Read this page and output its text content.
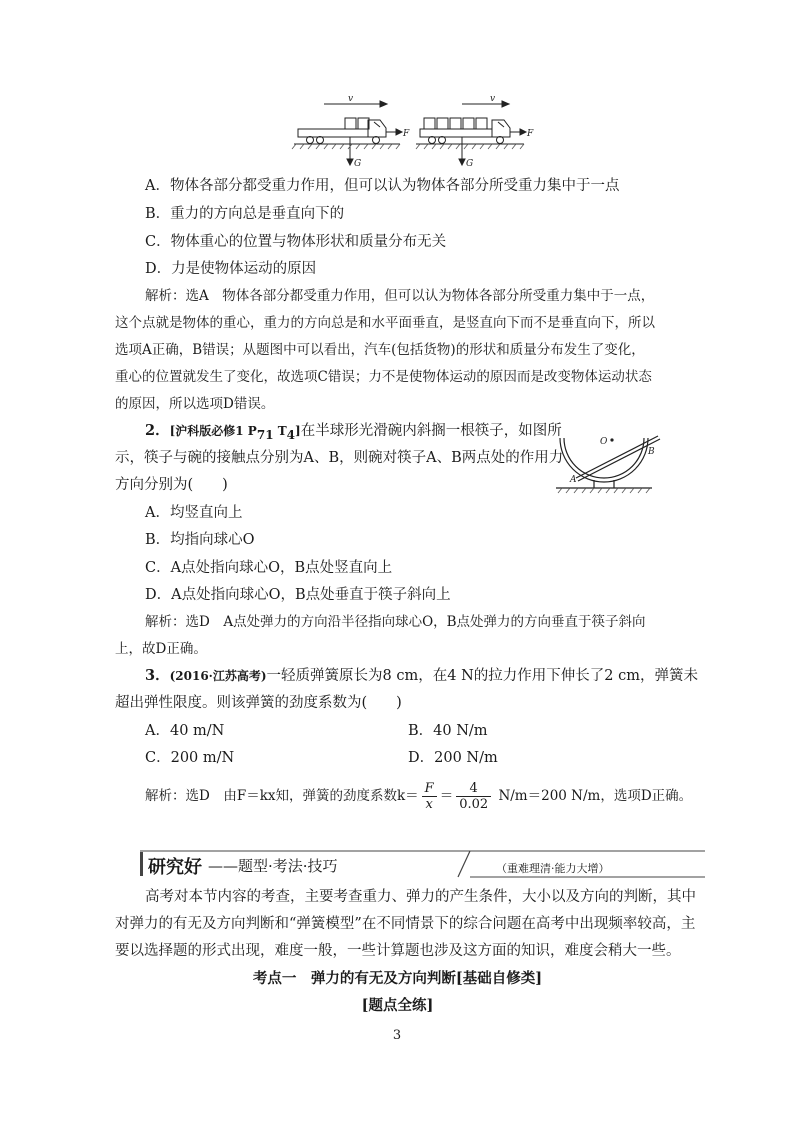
v
F
G
v
F
G
A．物体各部分都受重力作用，但可以认为物体各部分所受重力集中于一点
B．重力的方向总是垂直向下的
C．物体重心的位置与物体形状和质量分布无关
D．力是使物体运动的原因
解析：选A　物体各部分都受重力作用，但可以认为物体各部分所受重力集中于一点，
这个点就是物体的重心，重力的方向总是和水平面垂直，是竖直向下而不是垂直向下，所以
选项A正确，B错误；从题图中可以看出，汽车(包括货物)的形状和质量分布发生了变化，
重心的位置就发生了变化，故选项C错误；力不是使物体运动的原因而是改变物体运动状态
的原因，所以选项D错误。
2．[沪科版必修1 $P_{71}$ $T_4$]在半球形光滑碗内斜搁一根筷子，如图所
示，筷子与碗的接触点分别为A、B，则碗对筷子A、B两点处的作用力
方向分别为(　　)
O
A
B
A．均竖直向上
B．均指向球心O
C．A点处指向球心O，B点处竖直向上
D．A点处指向球心O，B点处垂直于筷子斜向上
解析：选D　A点处弹力的方向沿半径指向球心O，B点处弹力的方向垂直于筷子斜向
上，故D正确。
3．(2016·江苏高考)一轻质弹簧原长为8 cm，在4 N的拉力作用下伸长了2 cm，弹簧未
超出弹性限度。则该弹簧的劲度系数为(　　)
A．40 m/N	B．40 N/m
C．200 m/N	D．200 N/m
解析：选D　由F＝kx知，弹簧的劲度系数$k= \frac{F}{x} = \frac{4}{0.02} N/m=200$ N/m，选项D正确。
研究好 ——题型·考法·技巧	（重难理清·能力大增）
高考对本节内容的考查，主要考查重力、弹力的产生条件，大小以及方向的判断，其中
对弹力的有无及方向判断和“弹簧模型”在不同情景下的综合问题在高考中出现频率较高，主
要以选择题的形式出现，难度一般，一些计算题也涉及这方面的知识，难度会稍大一些。
考点一　弹力的有无及方向判断[基础自修类]
[题点全练]
3
